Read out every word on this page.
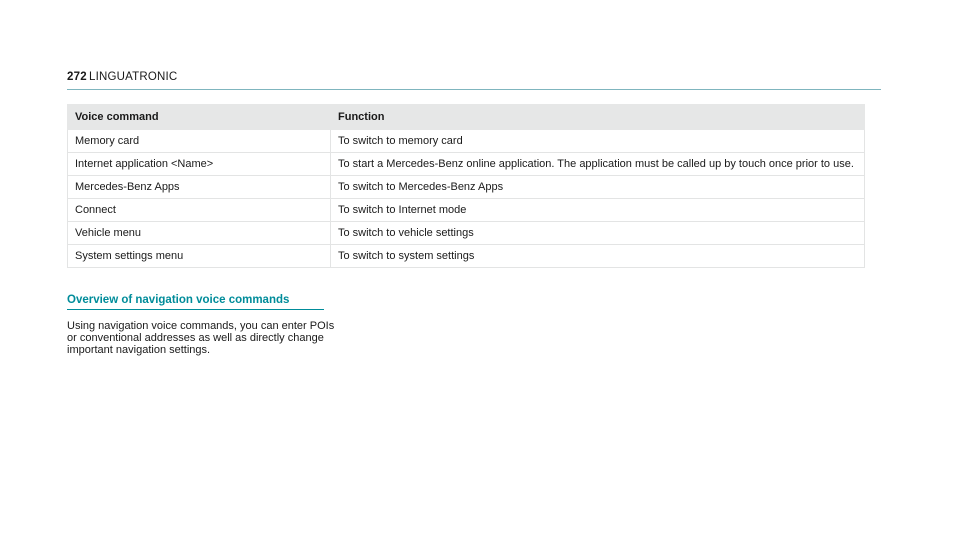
272 LINGUATRONIC
Voice command	Function
Memory card	To switch to memory card
Internet application <Name>	To start a Mercedes-Benz online application. The application must be called up by touch once prior to use.
Mercedes-Benz Apps	To switch to Mercedes-Benz Apps
Connect	To switch to Internet mode
Vehicle menu	To switch to vehicle settings
System settings menu	To switch to system settings
Overview of navigation voice commands
Using navigation voice commands, you can enter POIs or conventional addresses as well as directly change important navigation settings.
